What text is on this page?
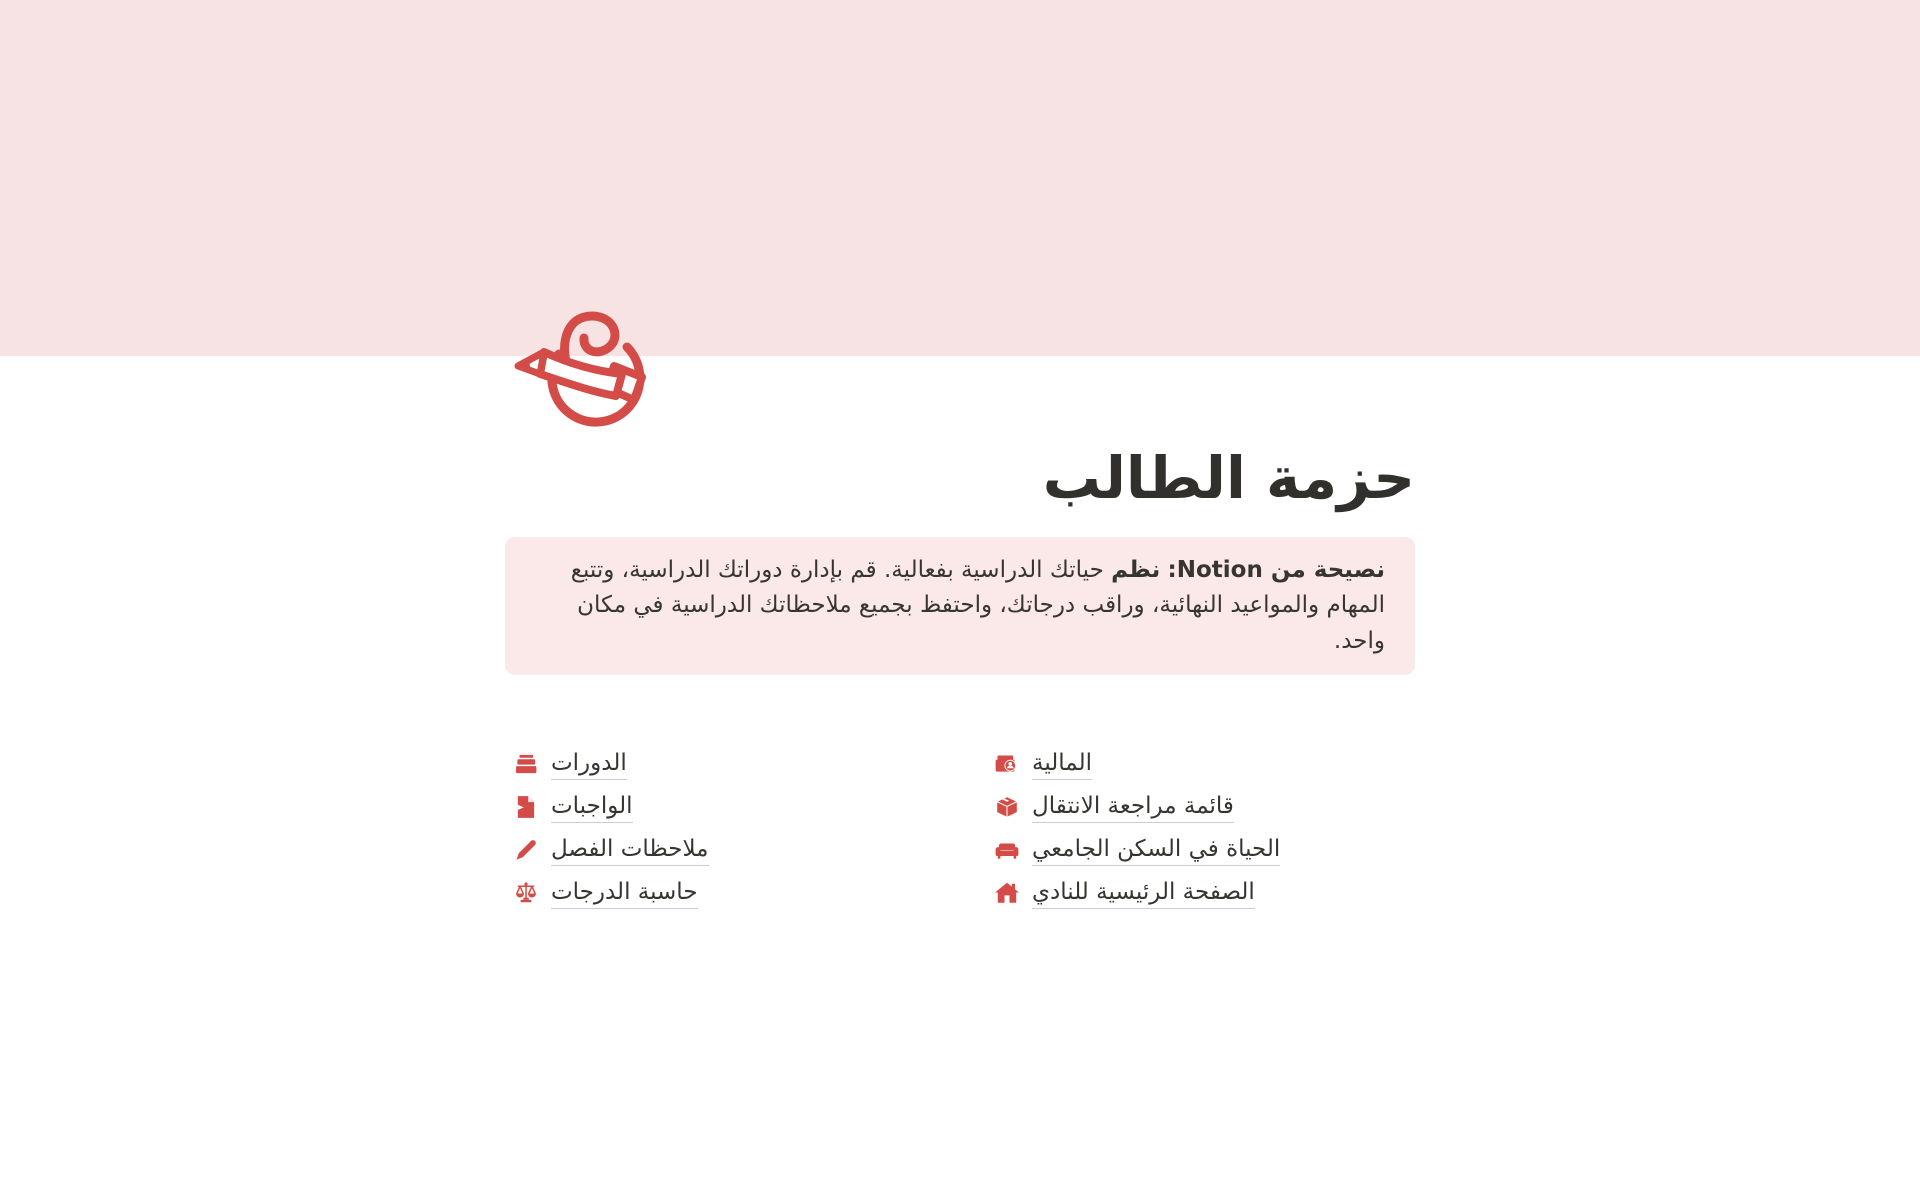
حزمة الطالب
نصيحة من Notion: نظم حياتك الدراسية بفعالية. قم بإدارة دوراتك الدراسية، وتتبع المهام والمواعيد النهائية، وراقب درجاتك، واحتفظ بجميع ملاحظاتك الدراسية في مكان واحد.
المالية
قائمة مراجعة الانتقال
الحياة في السكن الجامعي
الصفحة الرئيسية للنادي
الدورات
الواجبات
ملاحظات الفصل
حاسبة الدرجات
